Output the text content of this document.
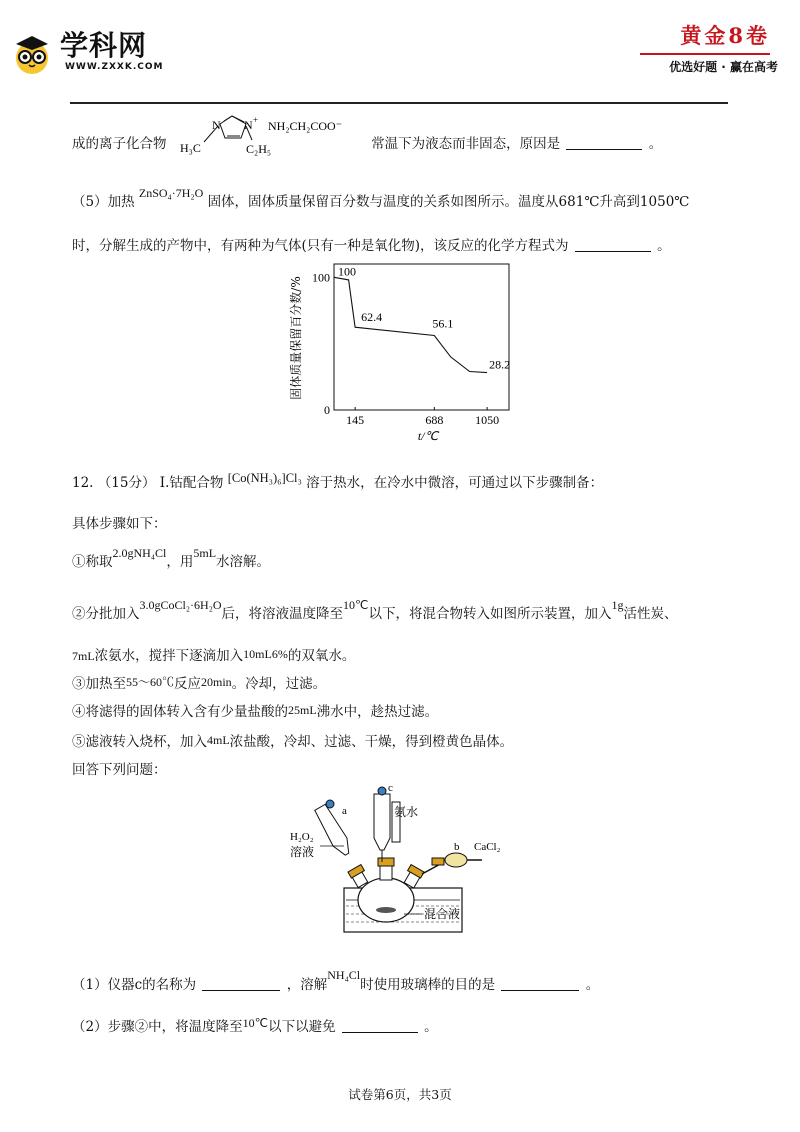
学科网
WWW.ZXXK.COM
黄金8卷
优选好题 · 赢在高考
成的离子化合物	常温下为液态而非固态，原因是	。
N N +
H₃C	C₂H₅
NH₂CH₂COO⁻
（5）加热 ZnSO₄·7H₂O 固体，固体质量保留百分数与温度的关系如图所示。温度从681℃升高到1050℃
时，分解生成的产物中，有两种为气体(只有一种是氧化物)，该反应的化学方程式为	。
固体质量保留百分数/%
t/℃
145	688	1050
100
0
100
62.4	56.1
28.2
12. （15分） Ⅰ.钴配合物 [Co(NH₃)₆]Cl₃ 溶于热水，在冷水中微溶，可通过以下步骤制备：
具体步骤如下：
①称取2.0gNH₄Cl，用5mL水溶解。
②分批加入3.0gCoCl₂·6H₂O后，将溶液温度降至10℃以下，将混合物转入如图所示装置，加入1g活性炭、
7mL浓氨水，搅拌下逐滴加入10mL6%的双氧水。
③加热至55～60℃反应20min。冷却，过滤。
④将滤得的固体转入含有少量盐酸的25mL沸水中，趁热过滤。
⑤滤液转入烧杯，加入4mL浓盐酸，冷却、过滤、干燥，得到橙黄色晶体。
回答下列问题：
a
c
氨水
H₂O₂
溶液	b CaCl₂
混合液
（1）仪器c的名称为	，溶解NH₄Cl时使用玻璃棒的目的是	。
（2）步骤②中，将温度降至10℃以下以避免	。
试卷第6页，共3页
